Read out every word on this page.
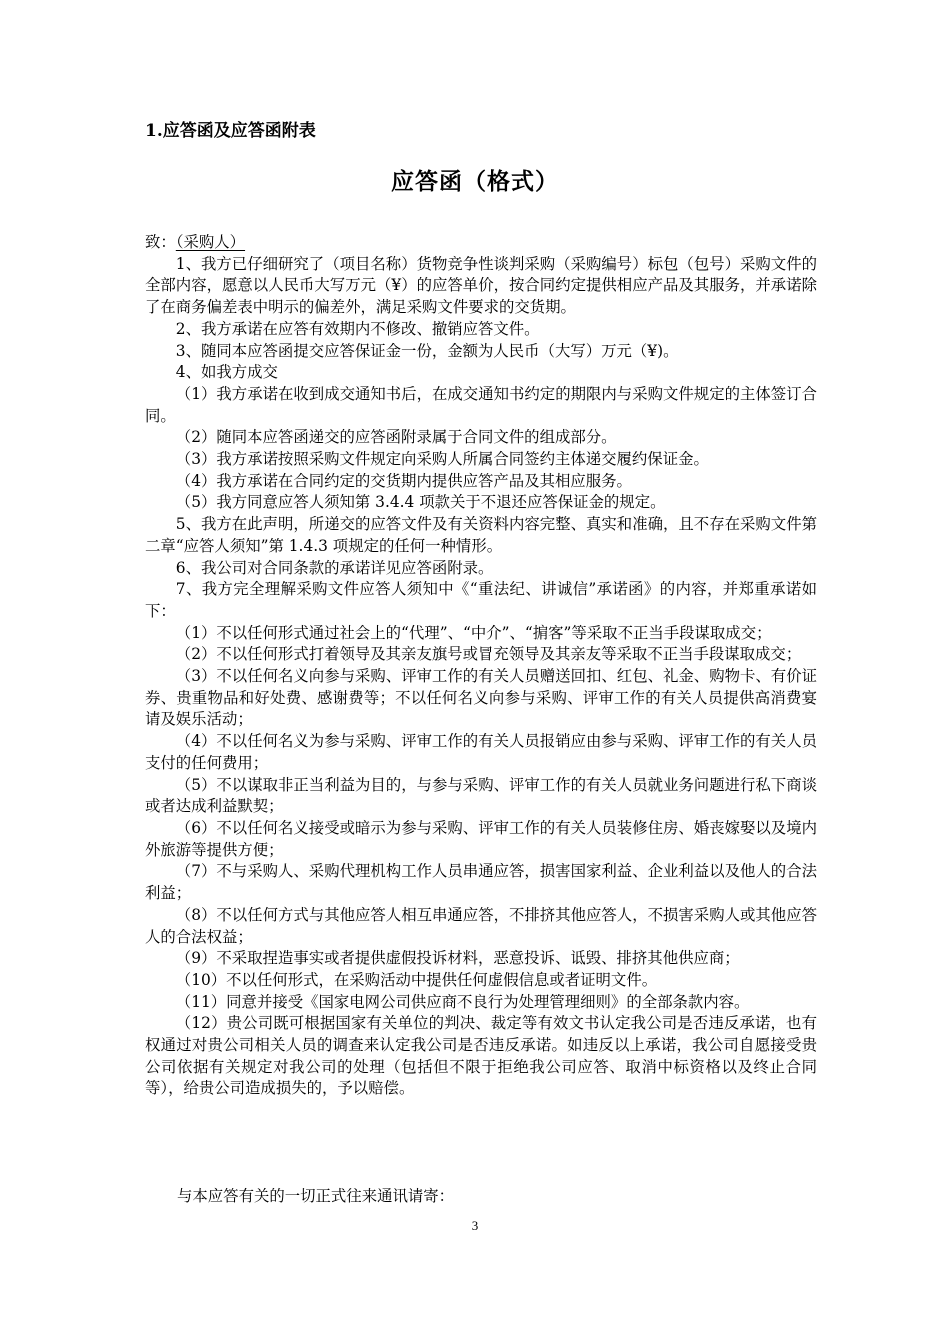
1.应答函及应答函附表
应答函（格式）

致：（采购人）

1、我方已仔细研究了（项目名称）货物竞争性谈判采购（采购编号）标包（包号）采购文件的全部内容，愿意以人民币大写万元（¥）的应答单价，按合同约定提供相应产品及其服务，并承诺除了在商务偏差表中明示的偏差外，满足采购文件要求的交货期。

2、我方承诺在应答有效期内不修改、撤销应答文件。

3、随同本应答函提交应答保证金一份，金额为人民币（大写）万元（¥)。

4、如我方成交

（1）我方承诺在收到成交通知书后，在成交通知书约定的期限内与采购文件规定的主体签订合同。

（2）随同本应答函递交的应答函附录属于合同文件的组成部分。

（3）我方承诺按照采购文件规定向采购人所属合同签约主体递交履约保证金。

（4）我方承诺在合同约定的交货期内提供应答产品及其相应服务。

（5）我方同意应答人须知第 3.4.4 项款关于不退还应答保证金的规定。

5、我方在此声明，所递交的应答文件及有关资料内容完整、真实和准确，且不存在采购文件第二章“应答人须知”第 1.4.3 项规定的任何一种情形。

6、我公司对合同条款的承诺详见应答函附录。

7、我方完全理解采购文件应答人须知中《“重法纪、讲诚信”承诺函》的内容，并郑重承诺如下：

（1）不以任何形式通过社会上的“代理”、“中介”、“掮客”等采取不正当手段谋取成交；

（2）不以任何形式打着领导及其亲友旗号或冒充领导及其亲友等采取不正当手段谋取成交；

（3）不以任何名义向参与采购、评审工作的有关人员赠送回扣、红包、礼金、购物卡、有价证券、贵重物品和好处费、感谢费等；不以任何名义向参与采购、评审工作的有关人员提供高消费宴请及娱乐活动；

（4）不以任何名义为参与采购、评审工作的有关人员报销应由参与采购、评审工作的有关人员支付的任何费用；

（5）不以谋取非正当利益为目的，与参与采购、评审工作的有关人员就业务问题进行私下商谈或者达成利益默契；

（6）不以任何名义接受或暗示为参与采购、评审工作的有关人员装修住房、婚丧嫁娶以及境内外旅游等提供方便；

（7）不与采购人、采购代理机构工作人员串通应答，损害国家利益、企业利益以及他人的合法利益；

（8）不以任何方式与其他应答人相互串通应答，不排挤其他应答人，不损害采购人或其他应答人的合法权益；

（9）不采取捏造事实或者提供虚假投诉材料，恶意投诉、诋毁、排挤其他供应商；

（10）不以任何形式，在采购活动中提供任何虚假信息或者证明文件。

（11）同意并接受《国家电网公司供应商不良行为处理管理细则》的全部条款内容。

（12）贵公司既可根据国家有关单位的判决、裁定等有效文书认定我公司是否违反承诺，也有权通过对贵公司相关人员的调查来认定我公司是否违反承诺。如违反以上承诺，我公司自愿接受贵公司依据有关规定对我公司的处理（包括但不限于拒绝我公司应答、取消中标资格以及终止合同等），给贵公司造成损失的，予以赔偿。

与本应答有关的一切正式往来通讯请寄：
3
